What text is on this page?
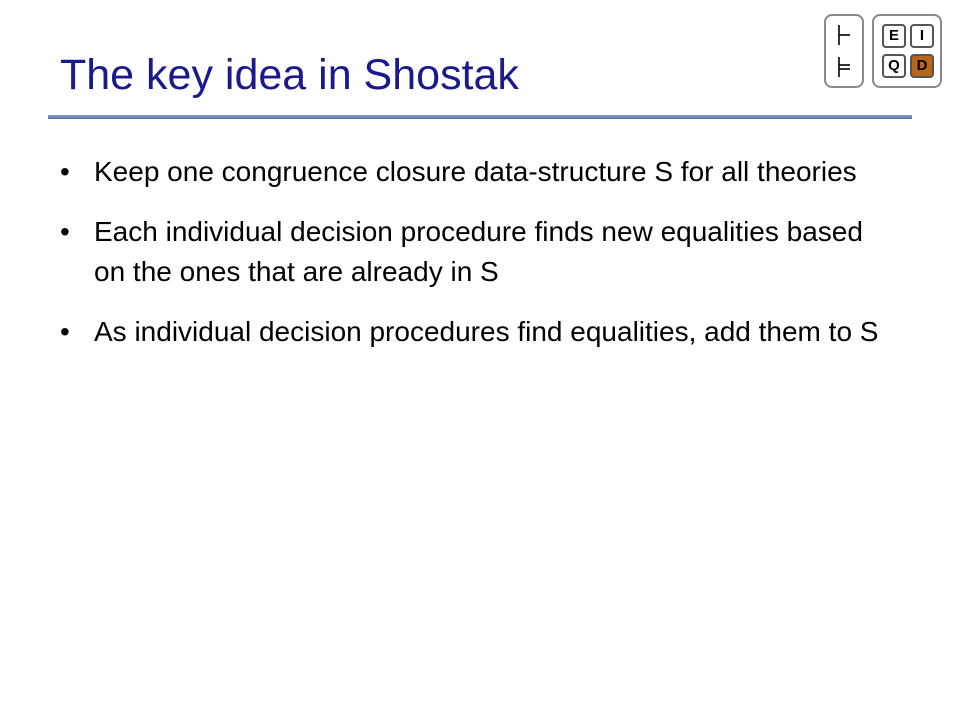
The key idea in Shostak
• Keep one congruence closure data-structure S for all theories
• Each individual decision procedure finds new equalities based on the ones that are already in S
• As individual decision procedures find equalities, add them to S
E	I
Q	D
